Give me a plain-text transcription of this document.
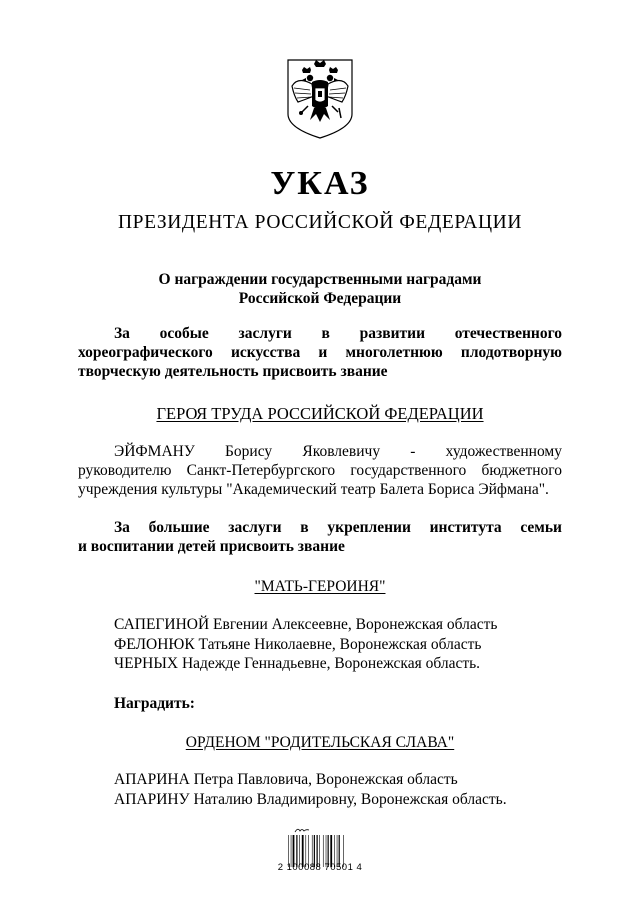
УКАЗ
ПРЕЗИДЕНТА РОССИЙСКОЙ ФЕДЕРАЦИИ
О награждении государственными наградами
Российской Федерации
За особые заслуги в развитии отечественного
хореографического искусства и многолетнюю плодотворную
творческую деятельность присвоить звание
ГЕРОЯ ТРУДА РОССИЙСКОЙ ФЕДЕРАЦИИ
ЭЙФМАНУ Борису Яковлевичу - художественному
руководителю Санкт-Петербургского государственного бюджетного
учреждения культуры "Академический театр Балета Бориса Эйфмана".
За большие заслуги в укреплении института семьи
и воспитании детей присвоить звание
"МАТЬ-ГЕРОИНЯ"
САПЕГИНОЙ Евгении Алексеевне, Воронежская область
ФЕЛОНЮК Татьяне Николаевне, Воронежская область
ЧЕРНЫХ Надежде Геннадьевне, Воронежская область.
Наградить:
ОРДЕНОМ "РОДИТЕЛЬСКАЯ СЛАВА"
АПАРИНА Петра Павловича, Воронежская область
АПАРИНУ Наталию Владимировну, Воронежская область.
2 100088 70501 4
